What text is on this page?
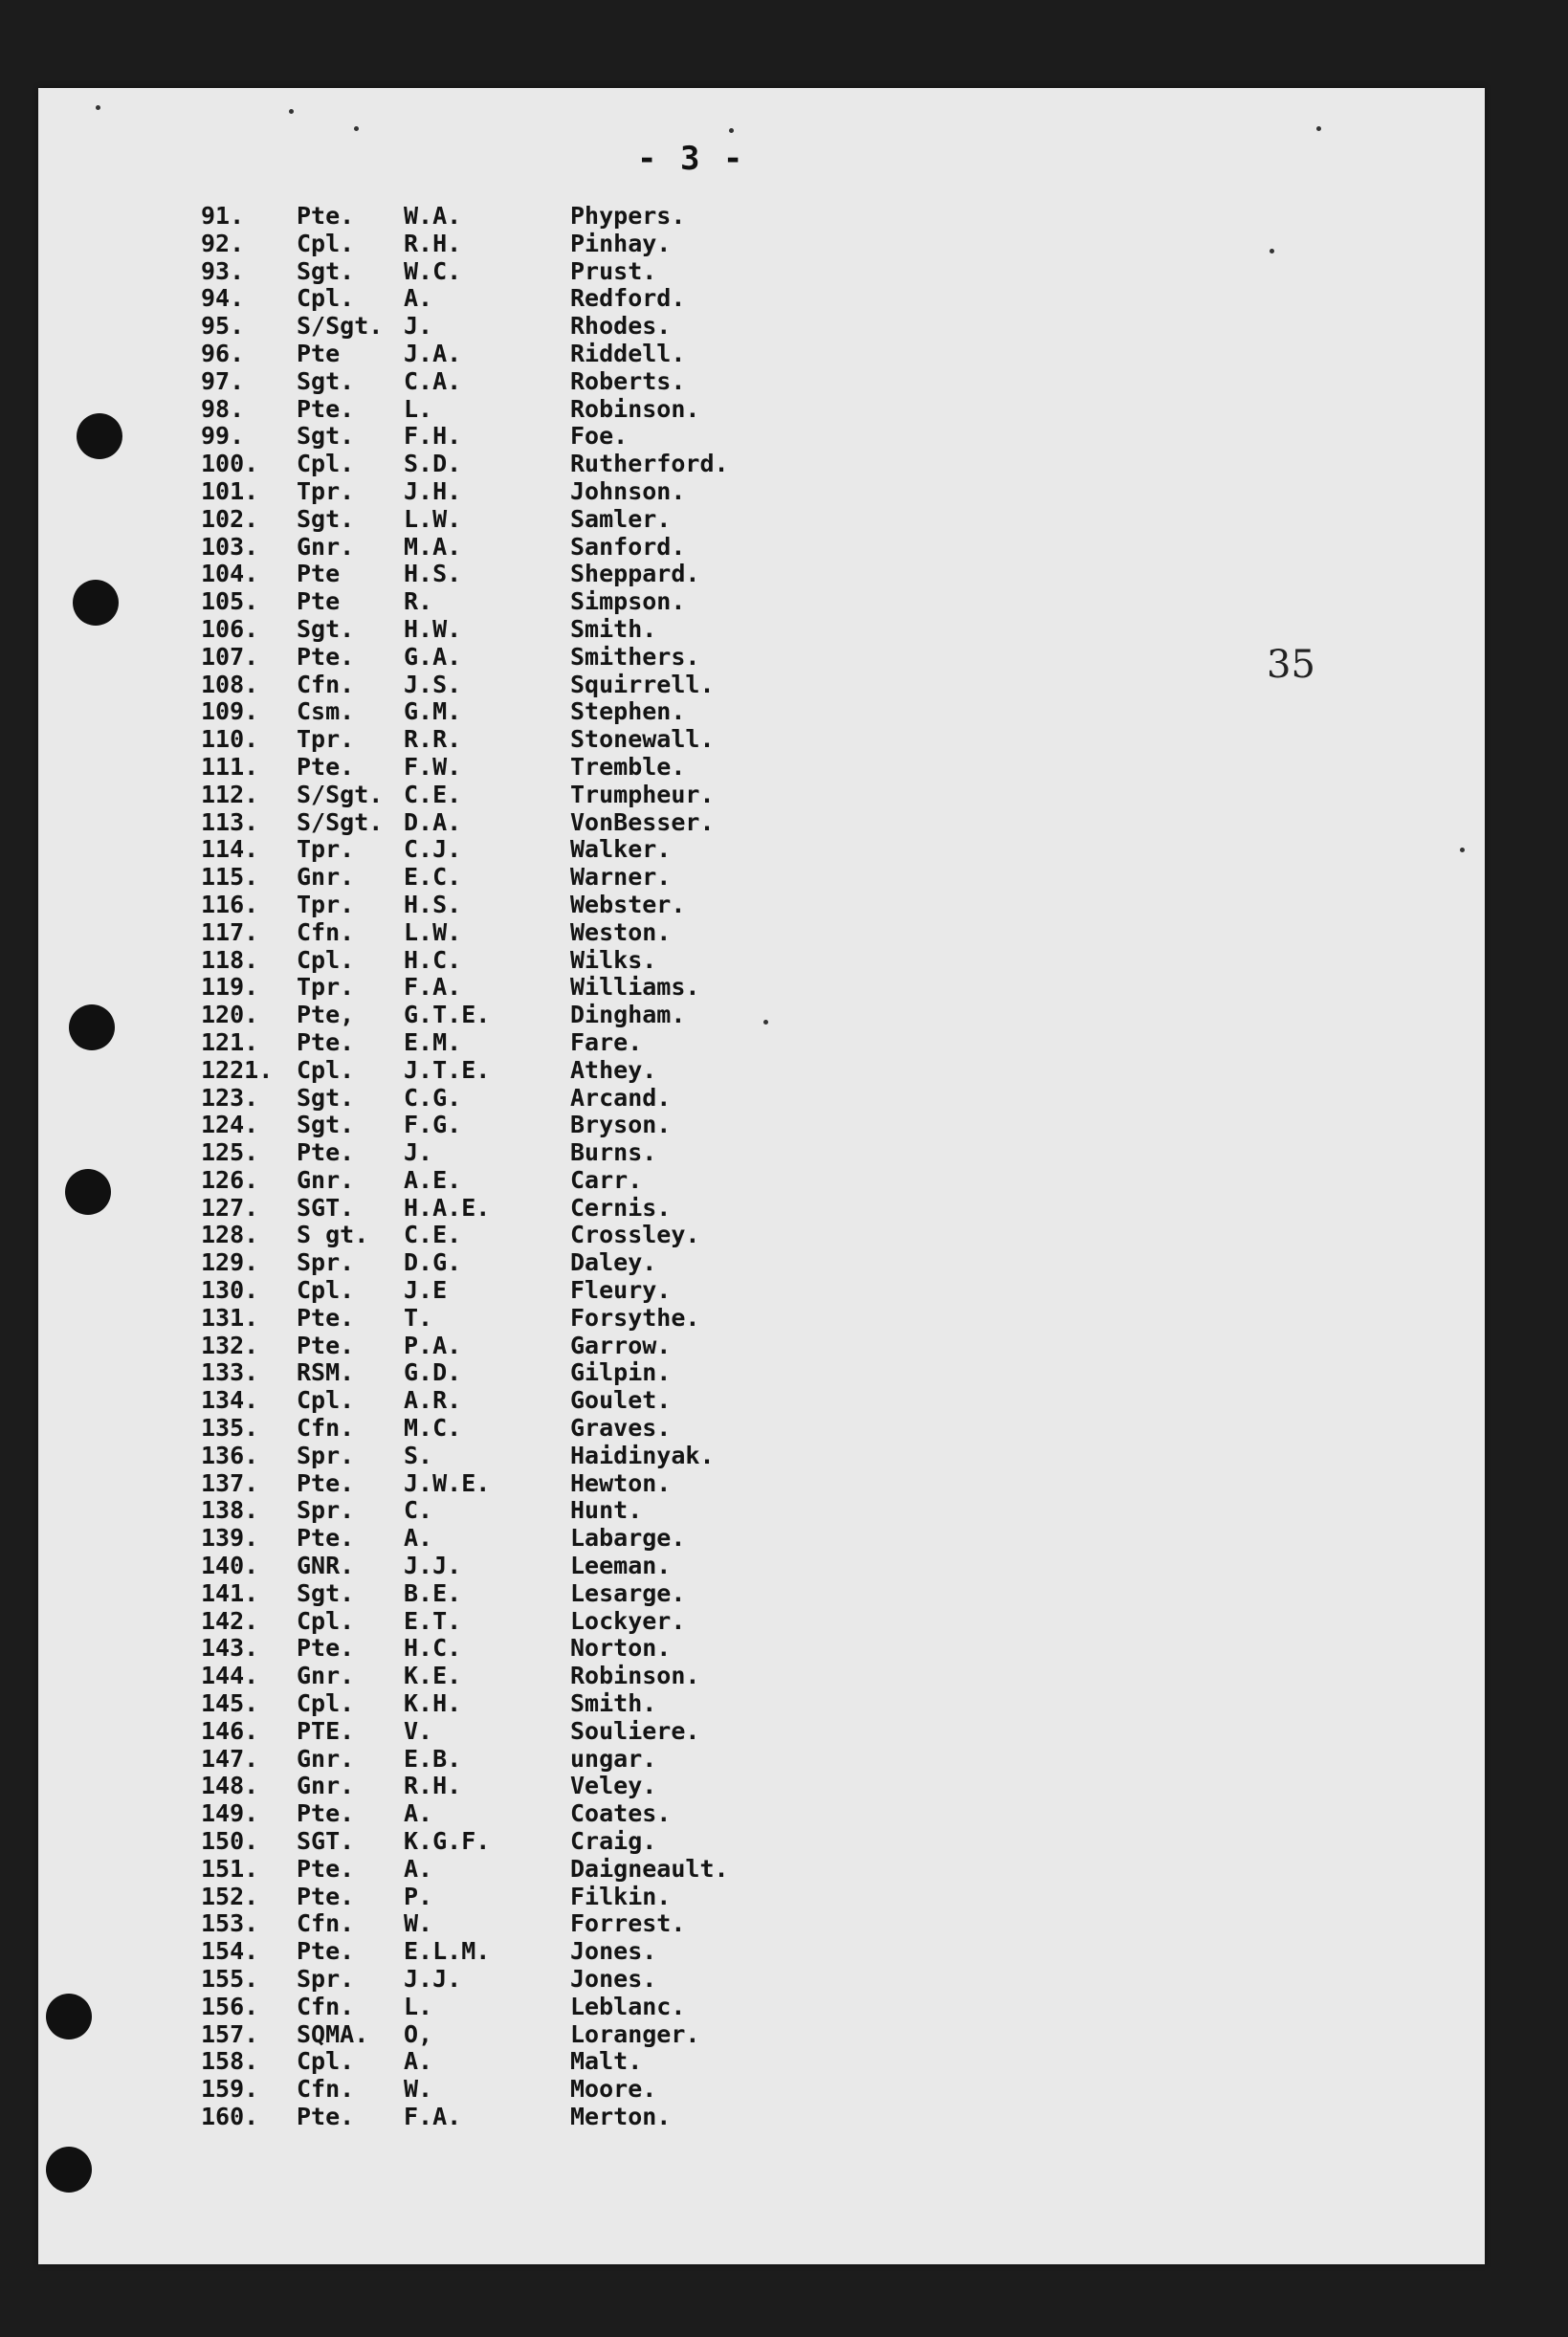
- 3 -
35
91.	Pte.	W.A.	Phypers.
92.	Cpl.	R.H.	Pinhay.
93.	Sgt.	W.C.	Prust.
94.	Cpl.	A.	Redford.
95.	S/Sgt. J.	Rhodes.
96.	Pte	J.A.	Riddell.
97.	Sgt.	C.A.	Roberts.
98.	Pte.	L.	Robinson.
99.	Sgt.	F.H.	Foe.
100.	Cpl.	S.D.	Rutherford.
101.	Tpr.	J.H.	Johnson.
102.	Sgt.	L.W.	Samler.
103.	Gnr.	M.A.	Sanford.
104.	Pte	H.S.	Sheppard.
105.	Pte	R.	Simpson.
106.	Sgt.	H.W.	Smith.
107.	Pte.	G.A.	Smithers.
108.	Cfn.	J.S.	Squirrell.
109.	Csm.	G.M.	Stephen.
110.	Tpr.	R.R.	Stonewall.
111.	Pte.	F.W.	Tremble.
112.	S/Sgt. C.E.	Trumpheur.
113.	S/Sgt. D.A.	VonBesser.
114.	Tpr.	C.J.	Walker.
115.	Gnr.	E.C.	Warner.
116.	Tpr.	H.S.	Webster.
117.	Cfn.	L.W.	Weston.
118.	Cpl.	H.C.	Wilks.
119.	Tpr.	F.A.	Williams.
120.	Pte,	G.T.E.	Dingham.
121.	Pte.	E.M.	Fare.
1221. Cpl.	J.T.E.	Athey.
123.	Sgt.	C.G.	Arcand.
124.	Sgt.	F.G.	Bryson.
125.	Pte.	J.	Burns.
126.	Gnr.	A.E.	Carr.
127.	SGT.	H.A.E.	Cernis.
128.	S gt.	C.E.	Crossley.
129.	Spr.	D.G.	Daley.
130.	Cpl.	J.E	Fleury.
131.	Pte.	T.	Forsythe.
132.	Pte.	P.A.	Garrow.
133.	RSM.	G.D.	Gilpin.
134.	Cpl.	A.R.	Goulet.
135.	Cfn.	M.C.	Graves.
136.	Spr.	S.	Haidinyak.
137.	Pte.	J.W.E.	Hewton.
138.	Spr.	C.	Hunt.
139.	Pte.	A.	Labarge.
140.	GNR.	J.J.	Leeman.
141.	Sgt.	B.E.	Lesarge.
142.	Cpl.	E.T.	Lockyer.
143.	Pte.	H.C.	Norton.
144.	Gnr.	K.E.	Robinson.
145.	Cpl.	K.H.	Smith.
146.	PTE.	V.	Souliere.
147.	Gnr.	E.B.	ungar.
148.	Gnr.	R.H.	Veley.
149.	Pte.	A.	Coates.
150.	SGT.	K.G.F.	Craig.
151.	Pte.	A.	Daigneault.
152.	Pte.	P.	Filkin.
153.	Cfn.	W.	Forrest.
154.	Pte.	E.L.M.	Jones.
155.	Spr.	J.J.	Jones.
156.	Cfn.	L.	Leblanc.
157.	SQMA.	O,	Loranger.
158.	Cpl.	A.	Malt.
159.	Cfn.	W.	Moore.
160.	Pte.	F.A.	Merton.
